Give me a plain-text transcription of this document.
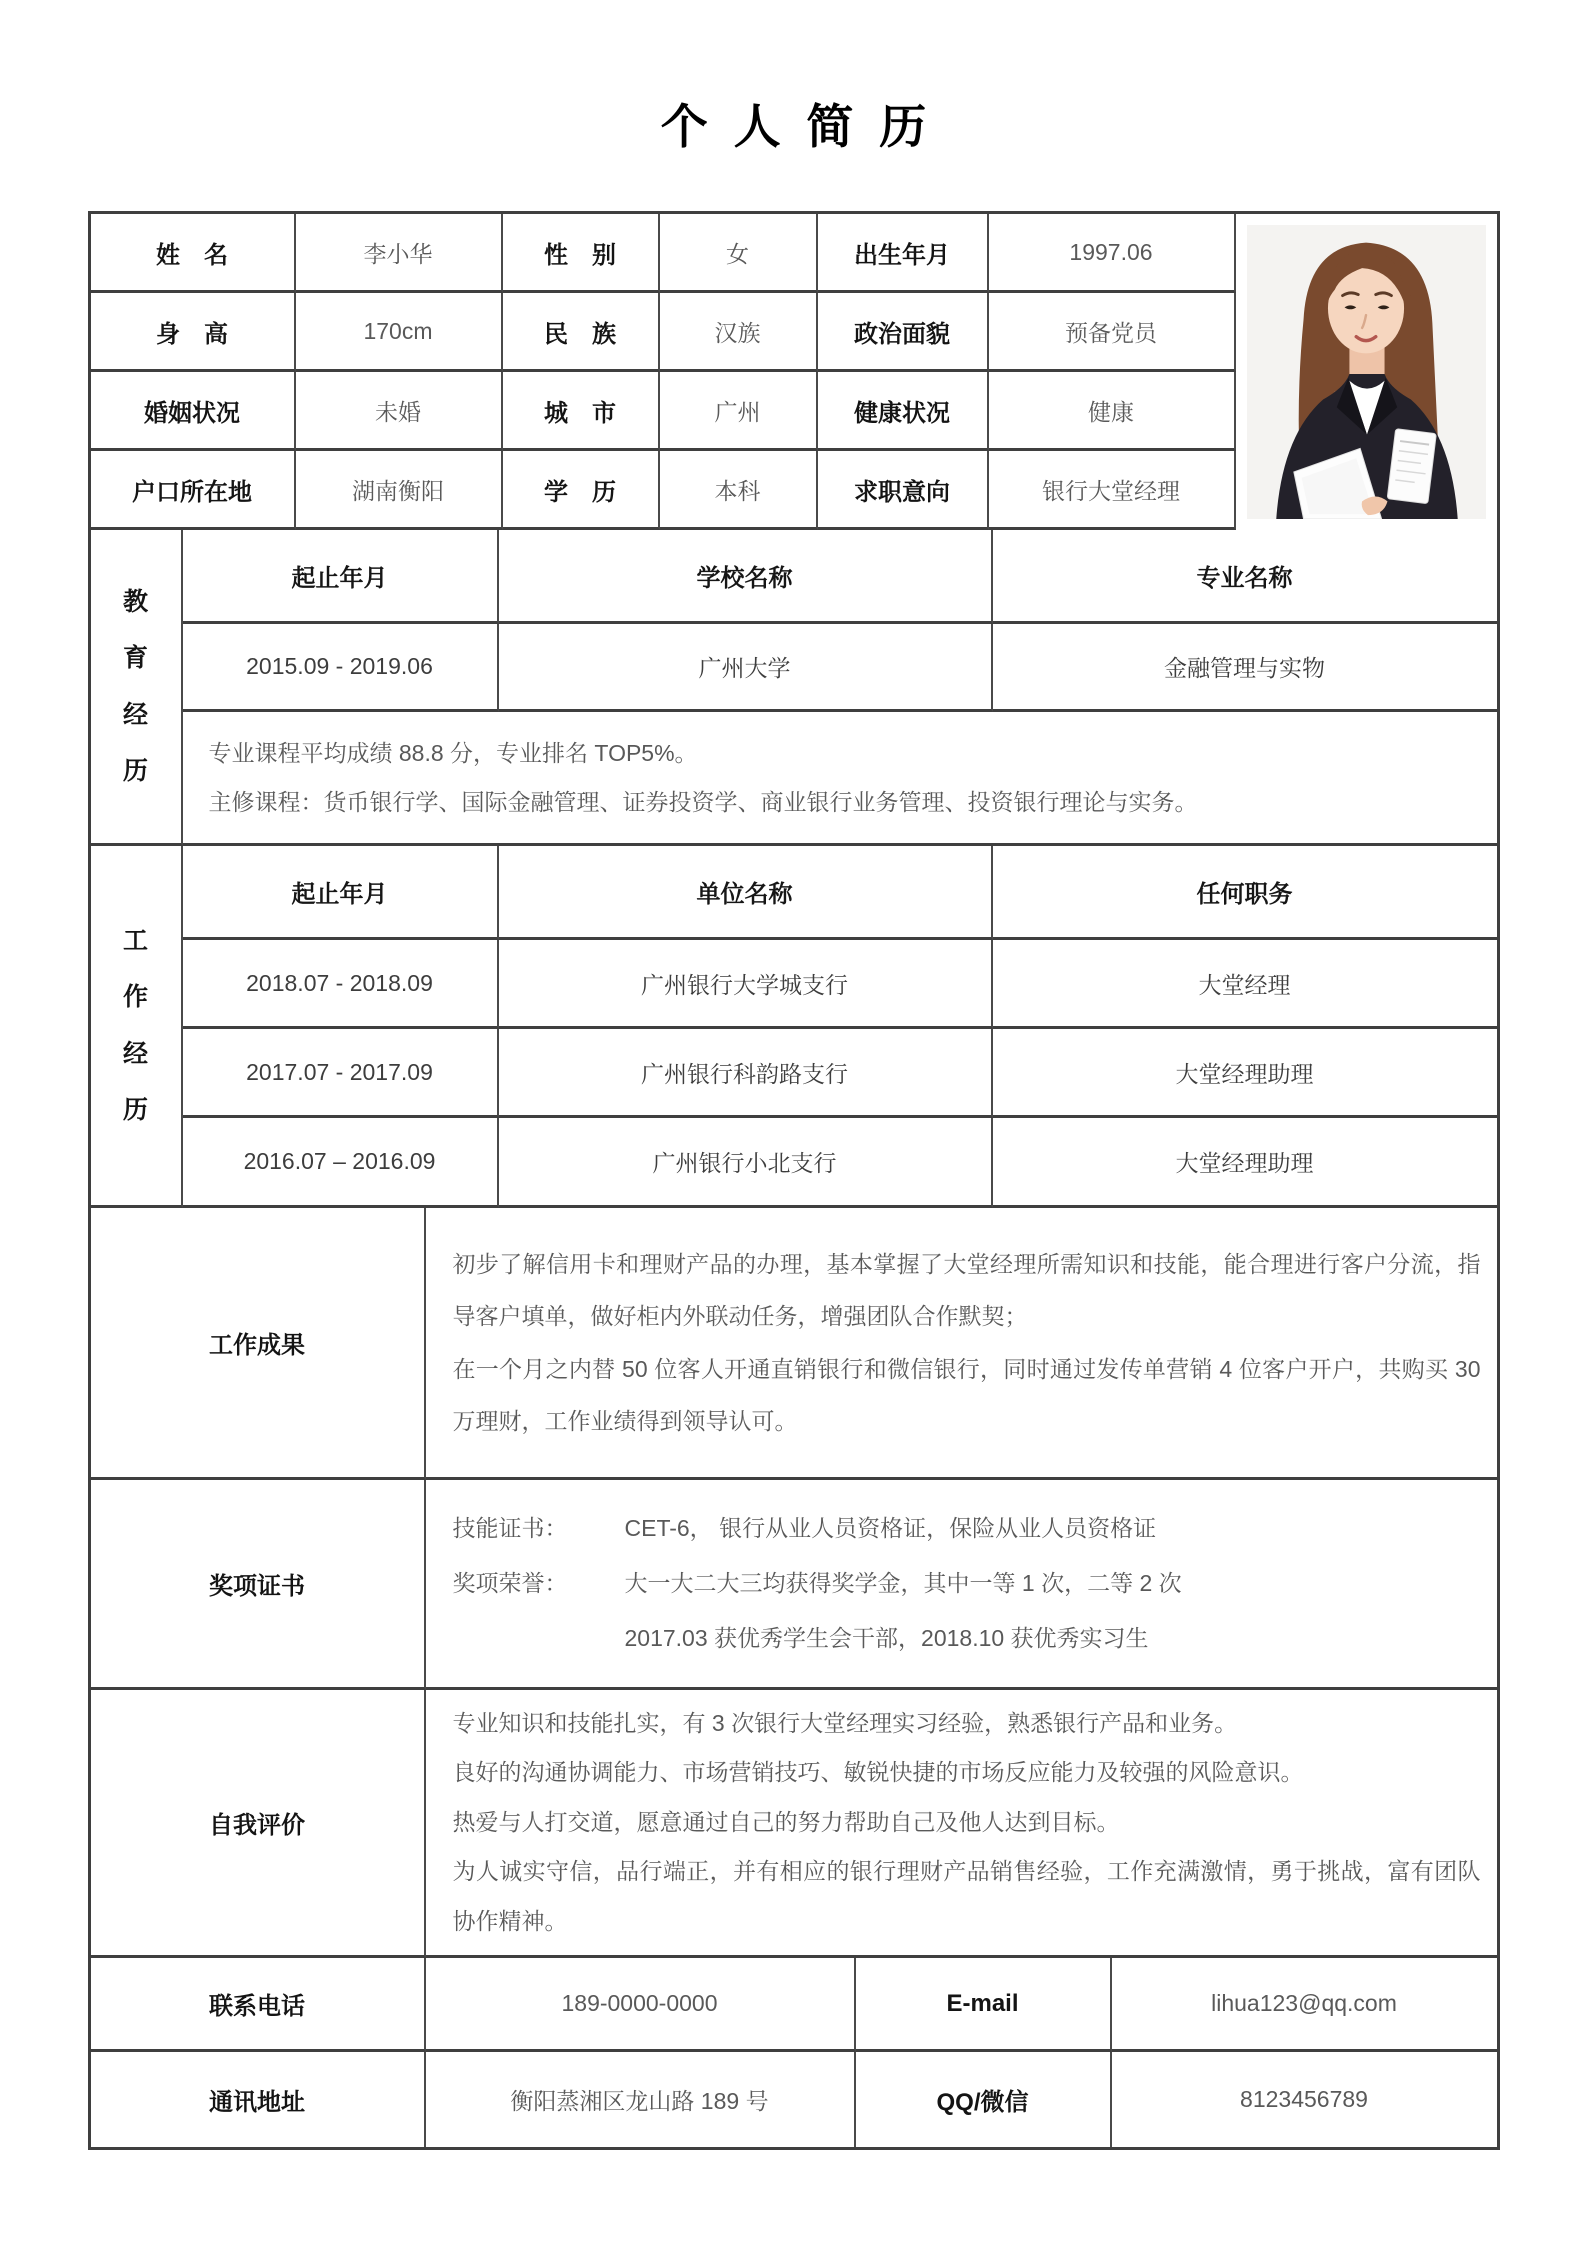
个人简历
姓　名	李小华	性　别	女	出生年月	1997.06
身　高	170cm	民　族	汉族	政治面貌	预备党员
婚姻状况	未婚	城　市	广州	健康状况	健康
户口所在地	湖南衡阳	学　历	本科	求职意向	银行大堂经理
教育经历
起止年月	学校名称	专业名称
2015.09 - 2019.06	广州大学	金融管理与实物

专业课程平均成绩 88.8 分，专业排名 TOP5%。

主修课程：货币银行学、国际金融管理、证券投资学、商业银行业务管理、投资银行理论与实务。

工作经历
起止年月	单位名称	任何职务
2018.07 - 2018.09	广州银行大学城支行	大堂经理
2017.07 - 2017.09	广州银行科韵路支行	大堂经理助理
2016.07 – 2016.09	广州银行小北支行	大堂经理助理
工作成果

初步了解信用卡和理财产品的办理，基本掌握了大堂经理所需知识和技能，能合理进行客户分流，指导客户填单，做好柜内外联动任务，增强团队合作默契；

在一个月之内替 50 位客人开通直销银行和微信银行，同时通过发传单营销 4 位客户开户，共购买 30 万理财，工作业绩得到领导认可。

奖项证书
技能证书：	CET-6， 银行从业人员资格证，保险从业人员资格证
奖项荣誉：	大一大二大三均获得奖学金，其中一等 1 次，二等 2 次
2017.03 获优秀学生会干部，2018.10 获优秀实习生
自我评价

专业知识和技能扎实，有 3 次银行大堂经理实习经验，熟悉银行产品和业务。

良好的沟通协调能力、市场营销技巧、敏锐快捷的市场反应能力及较强的风险意识。

热爱与人打交道，愿意通过自己的努力帮助自己及他人达到目标。

为人诚实守信，品行端正，并有相应的银行理财产品销售经验，工作充满激情，勇于挑战，富有团队协作精神。

联系电话	189-0000-0000	E-mail	lihua123@qq.com
通讯地址	衡阳蒸湘区龙山路 189 号	QQ/微信	8123456789
